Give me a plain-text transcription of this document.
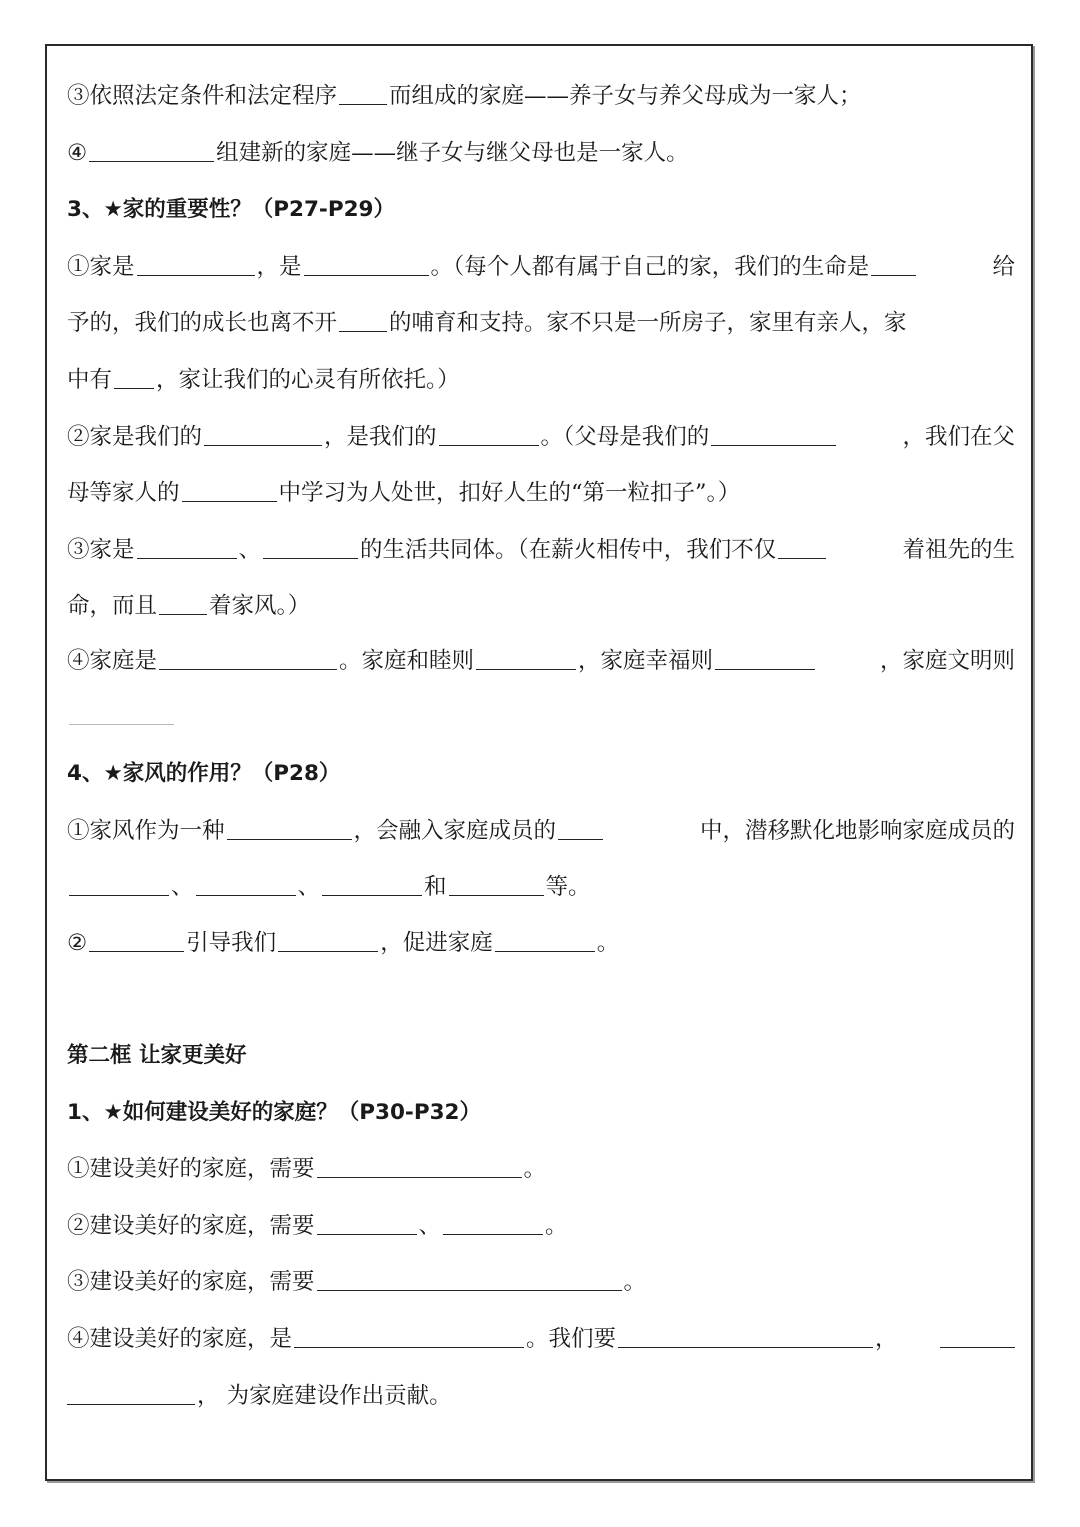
③依照法定条件和法定程序 而组成的家庭——养子女与养父母成为一家人；
④	组建新的家庭——继子女与继父母也是一家人。
3、★家的重要性？（P27-P29）
①家是	，是	。（每个人都有属于自己的家，我们的生命是	给
予的，我们的成长也离不开 的哺育和支持。家不只是一所房子，家里有亲人，家
中有 ，家让我们的心灵有所依托。）
②家是我们的	，是我们的	。（父母是我们的	，我们在父
母等家人的	中学习为人处世，扣好人生的“第一粒扣子”。）
③家是	、	的生活共同体。（在薪火相传中，我们不仅	着祖先的生
命，而且 着家风。）
④家庭是	。家庭和睦则	，家庭幸福则	，家庭文明则
4、★家风的作用？（P28）
①家风作为一种	，会融入家庭成员的	中，潜移默化地影响家庭成员的
、	、	和	等。
②	引导我们	，促进家庭	。
第二框 让家更美好
1、★如何建设美好的家庭？（P30-P32）
①建设美好的家庭，需要	。
②建设美好的家庭，需要	、	。
③建设美好的家庭，需要	。
④建设美好的家庭，是	。我们要	，
， 为家庭建设作出贡献。
